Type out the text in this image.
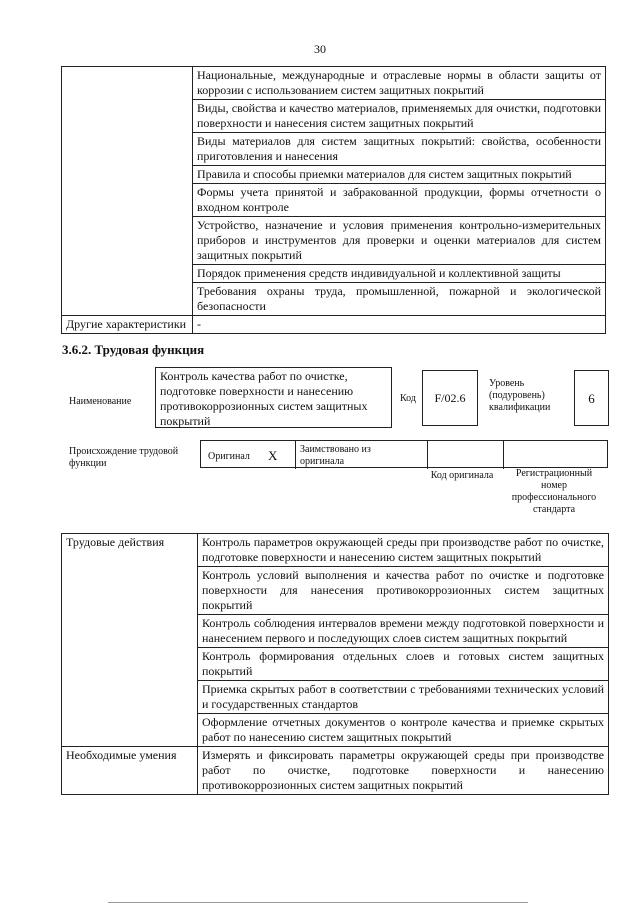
30
	Национальные, международные и отраслевые нормы в области защиты от коррозии с использованием систем защитных покрытий
	Виды, свойства и качество материалов, применяемых для очистки, подготовки поверхности и нанесения систем защитных покрытий
	Виды материалов для систем защитных покрытий: свойства, особенности приготовления и нанесения
	Правила и способы приемки материалов для систем защитных покрытий
	Формы учета принятой и забракованной продукции, формы отчетности о входном контроле
	Устройство, назначение и условия применения контрольно-измерительных приборов и инструментов для проверки и оценки материалов для систем защитных покрытий
	Порядок применения средств индивидуальной и коллективной защиты
	Требования охраны труда, промышленной, пожарной и экологической безопасности
Другие характеристики	-
3.6.2. Трудовая функция
Наименование
Контроль качества работ по очистке, подготовке поверхности и нанесению противокоррозионных систем защитных покрытий
Код	F/02.6
Уровень (подуровень) квалификации
6
Происхождение трудовой функции
Оригинал X Заимствовано из оригинала
Код оригинала	Регистрационный номер профессионального стандарта
Трудовые действия	Контроль параметров окружающей среды при производстве работ по очистке, подготовке поверхности и нанесению систем защитных покрытий
	Контроль условий выполнения и качества работ по очистке и подготовке поверхности для нанесения противокоррозионных систем защитных покрытий
	Контроль соблюдения интервалов времени между подготовкой поверхности и нанесением первого и последующих слоев систем защитных покрытий
	Контроль формирования отдельных слоев и готовых систем защитных покрытий
	Приемка скрытых работ в соответствии с требованиями технических условий и государственных стандартов
	Оформление отчетных документов о контроле качества и приемке скрытых работ по нанесению систем защитных покрытий
Необходимые умения	Измерять и фиксировать параметры окружающей среды при производстве работ по очистке, подготовке поверхности и нанесению противокоррозионных систем защитных покрытий
